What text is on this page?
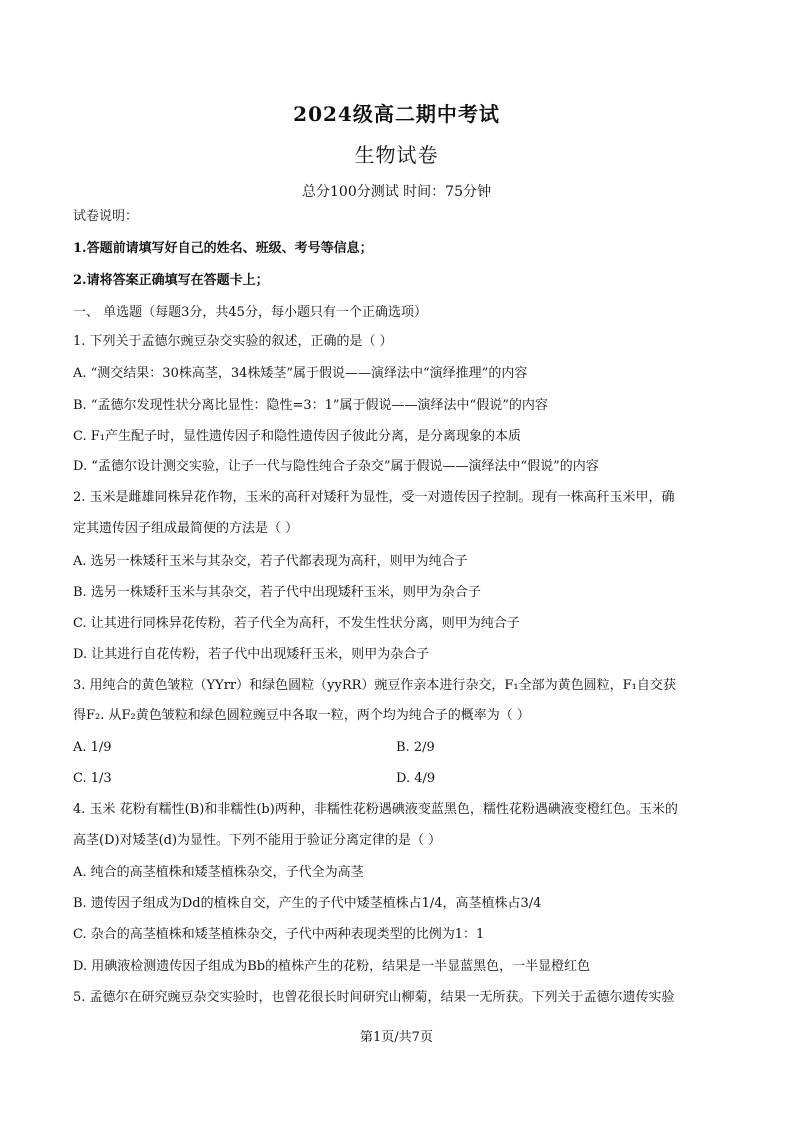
2024级高二期中考试
生物试卷
总分100分测试 时间：75分钟
试卷说明：
1.答题前请填写好自己的姓名、班级、考号等信息；
2.请将答案正确填写在答题卡上；
一、 单选题（每题3分，共45分，每小题只有一个正确选项）
1. 下列关于孟德尔豌豆杂交实验的叙述，正确的是（ ）
A. “测交结果：30株高茎，34株矮茎”属于假说——演绎法中“演绎推理”的内容
B. “孟德尔发现性状分离比显性：隐性=3：1”属于假说——演绎法中“假说”的内容
C. F₁产生配子时，显性遗传因子和隐性遗传因子彼此分离，是分离现象的本质
D. “孟德尔设计测交实验，让子一代与隐性纯合子杂交”属于假说——演绎法中“假说”的内容
2. 玉米是雌雄同株异花作物，玉米的高秆对矮秆为显性，受一对遗传因子控制。现有一株高秆玉米甲，确
定其遗传因子组成最简便的方法是（ ）
A. 选另一株矮秆玉米与其杂交，若子代都表现为高秆，则甲为纯合子
B. 选另一株矮秆玉米与其杂交，若子代中出现矮秆玉米，则甲为杂合子
C. 让其进行同株异花传粉，若子代全为高秆，不发生性状分离，则甲为纯合子
D. 让其进行自花传粉，若子代中出现矮秆玉米，则甲为杂合子
3. 用纯合的黄色皱粒（YYrr）和绿色圆粒（yyRR）豌豆作亲本进行杂交，F₁全部为黄色圆粒，F₁自交获
得F₂. 从F₂黄色皱粒和绿色圆粒豌豆中各取一粒，两个均为纯合子的概率为（ ）
A. 1/9	B. 2/9
C. 1/3	D. 4/9
4. 玉米 花粉有糯性(B)和非糯性(b)两种，非糯性花粉遇碘液变蓝黑色，糯性花粉遇碘液变橙红色。玉米的
高茎(D)对矮茎(d)为显性。下列不能用于验证分离定律的是（ ）
A. 纯合的高茎植株和矮茎植株杂交，子代全为高茎
B. 遗传因子组成为Dd的植株自交，产生的子代中矮茎植株占1/4，高茎植株占3/4
C. 杂合的高茎植株和矮茎植株杂交，子代中两种表现类型的比例为1：1
D. 用碘液检测遗传因子组成为Bb的植株产生的花粉，结果是一半显蓝黑色，一半显橙红色
5. 孟德尔在研究豌豆杂交实验时，也曾花很长时间研究山柳菊，结果一无所获。下列关于孟德尔遗传实验
第1页/共7页
